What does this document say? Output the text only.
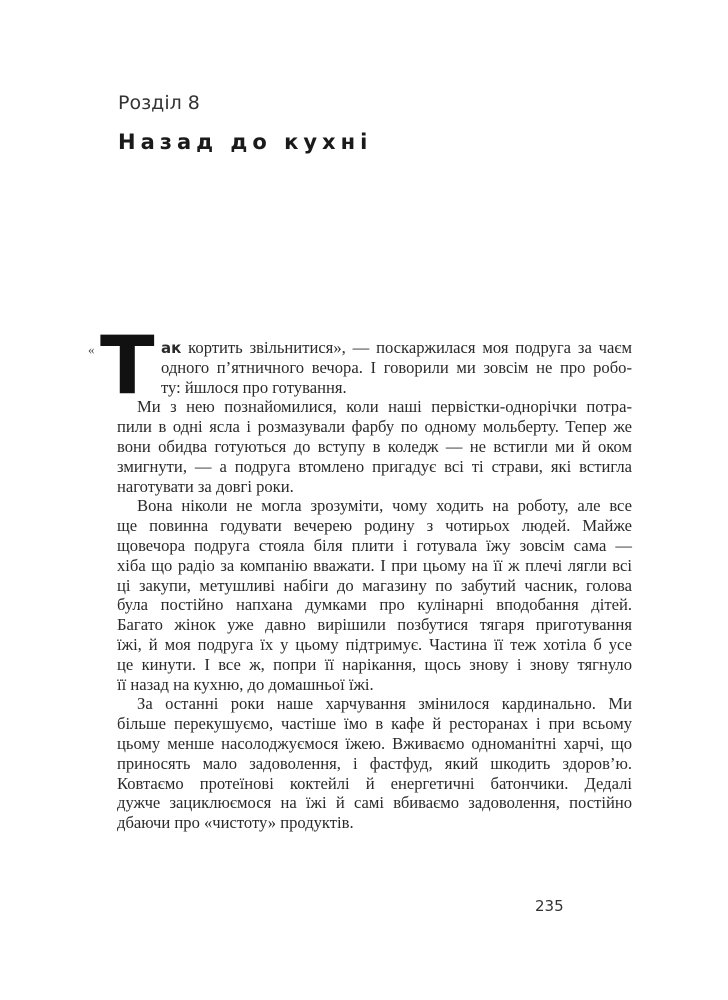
Розділ 8
Назад до кухні
« Т ак кортить звільнитися», — поскаржилася моя подруга за чаєм
одного п’ятничного вечора. І говорили ми зовсім не про робо-
ту: йшлося про готування.
Ми з нею познайомилися, коли наші первістки-однорічки потра-
пили в одні ясла і розмазували фарбу по одному мольберту. Тепер же
вони обидва готуються до вступу в коледж — не встигли ми й оком
змигнути, — а подруга втомлено пригадує всі ті страви, які встигла
наготувати за довгі роки.
Вона ніколи не могла зрозуміти, чому ходить на роботу, але все
ще повинна годувати вечерею родину з чотирьох людей. Майже
щовечора подруга стояла біля плити і готувала їжу зовсім сама —
хіба що радіо за компанію вважати. І при цьому на її ж плечі лягли всі
ці закупи, метушливі набіги до магазину по забутий часник, голова
була постійно напхана думками про кулінарні вподобання дітей.
Багато жінок уже давно вирішили позбутися тягаря приготування
їжі, й моя подруга їх у цьому підтримує. Частина її теж хотіла б усе
це кинути. І все ж, попри її нарікання, щось знову і знову тягнуло
її назад на кухню, до домашньої їжі.
За останні роки наше харчування змінилося кардинально. Ми
більше перекушуємо, частіше їмо в кафе й ресторанах і при всьому
цьому менше насолоджуємося їжею. Вживаємо одноманітні харчі, що
приносять мало задоволення, і фастфуд, який шкодить здоров’ю.
Ковтаємо протеїнові коктейлі й енергетичні батончики. Дедалі
дужче зациклюємося на їжі й самі вбиваємо задоволення, постійно
дбаючи про «чистоту» продуктів.
235
